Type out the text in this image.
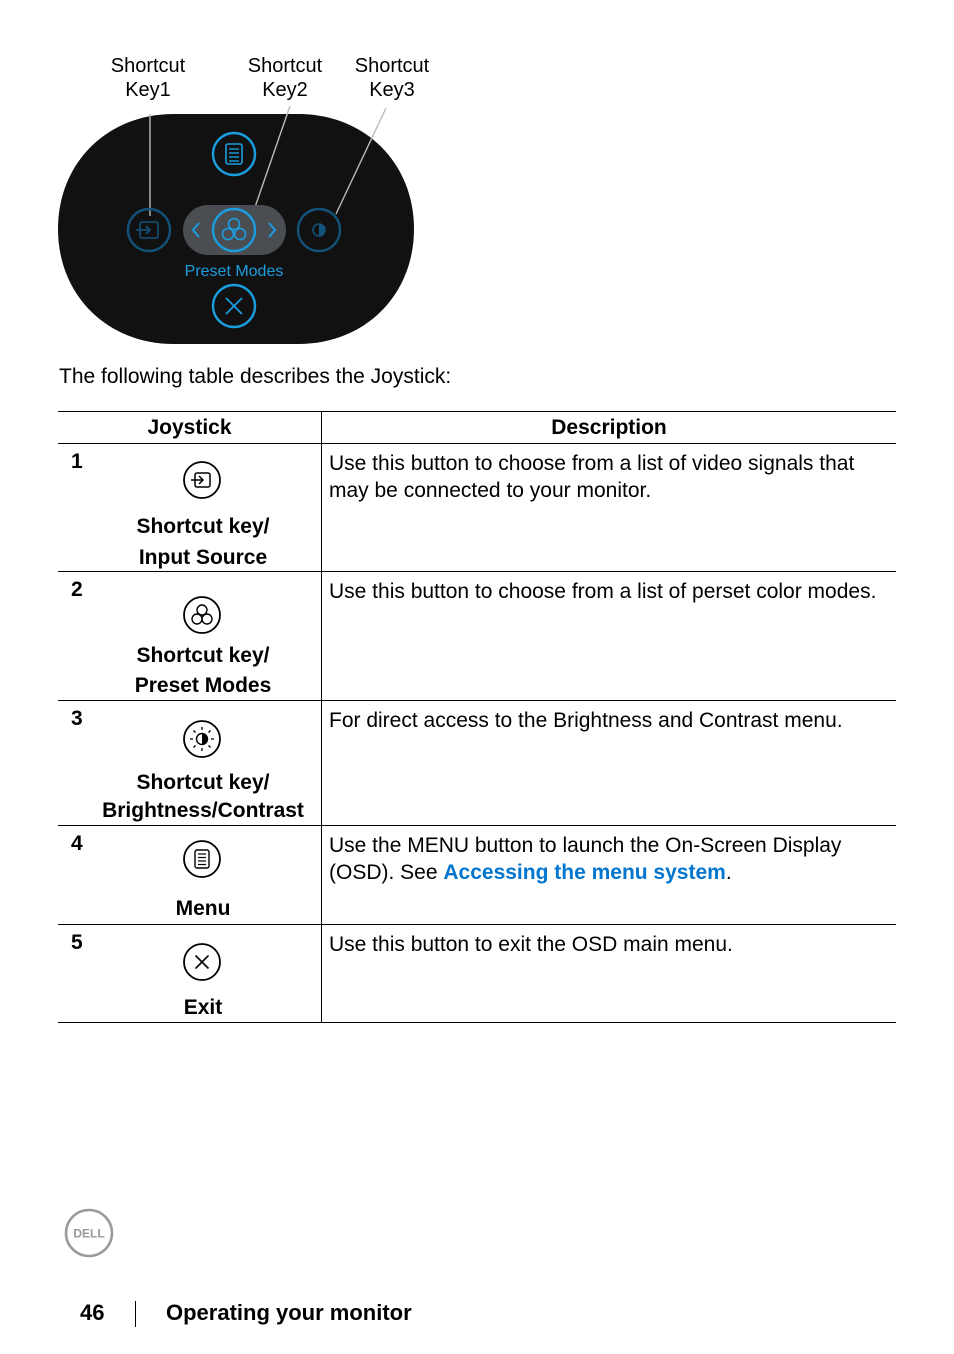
Shortcut
Key1
Shortcut
Key2
Shortcut
Key3
Preset Modes
The following table describes the Joystick:
Joystick	Description

1
Shortcut key/
Input Source	Use this button to choose from a list of video signals that may be connected to your monitor.

2
Shortcut key/
Preset Modes	Use this button to choose from a list of perset color modes.

3
Shortcut key/
Brightness/Contrast	For direct access to the Brightness and Contrast menu.

4
Menu	Use the MENU button to launch the On-Screen Display (OSD). See Accessing the menu system.

5
Exit	Use this button to exit the OSD main menu.
DELL
46	Operating your monitor
